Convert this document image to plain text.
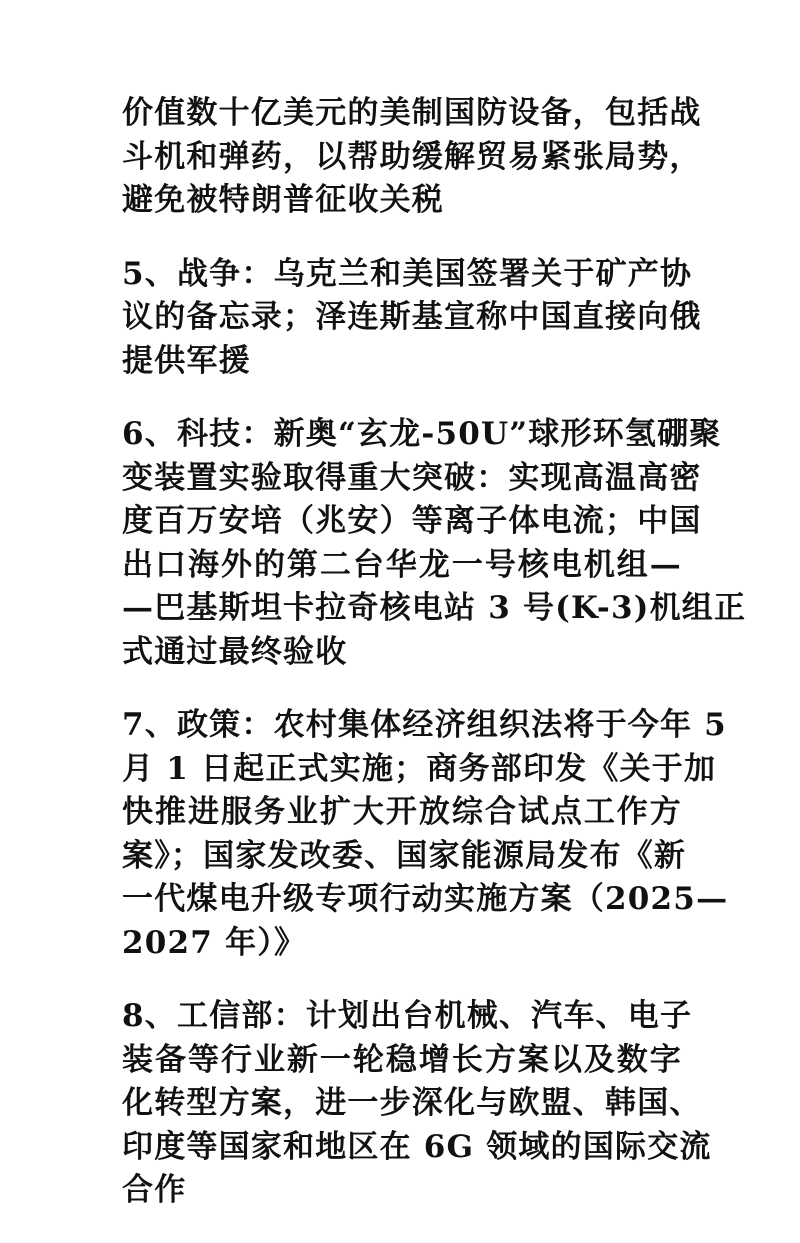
价值数十亿美元的美制国防设备，包括战
斗机和弹药，以帮助缓解贸易紧张局势，
避免被特朗普征收关税

5、战争：乌克兰和美国签署关于矿产协
议的备忘录；泽连斯基宣称中国直接向俄
提供军援

6、科技：新奥“玄龙-50U”球形环氢硼聚
变装置实验取得重大突破：实现高温高密
度百万安培（兆安）等离子体电流；中国
出口海外的第二台华龙一号核电机组—
—巴基斯坦卡拉奇核电站 3 号(K-3)机组正
式通过最终验收

7、政策：农村集体经济组织法将于今年 5
月 1 日起正式实施；商务部印发《关于加
快推进服务业扩大开放综合试点工作方
案》；国家发改委、国家能源局发布《新
一代煤电升级专项行动实施方案（2025—
2027 年）》

8、工信部：计划出台机械、汽车、电子
装备等行业新一轮稳增长方案以及数字
化转型方案，进一步深化与欧盟、韩国、
印度等国家和地区在 6G 领域的国际交流
合作
